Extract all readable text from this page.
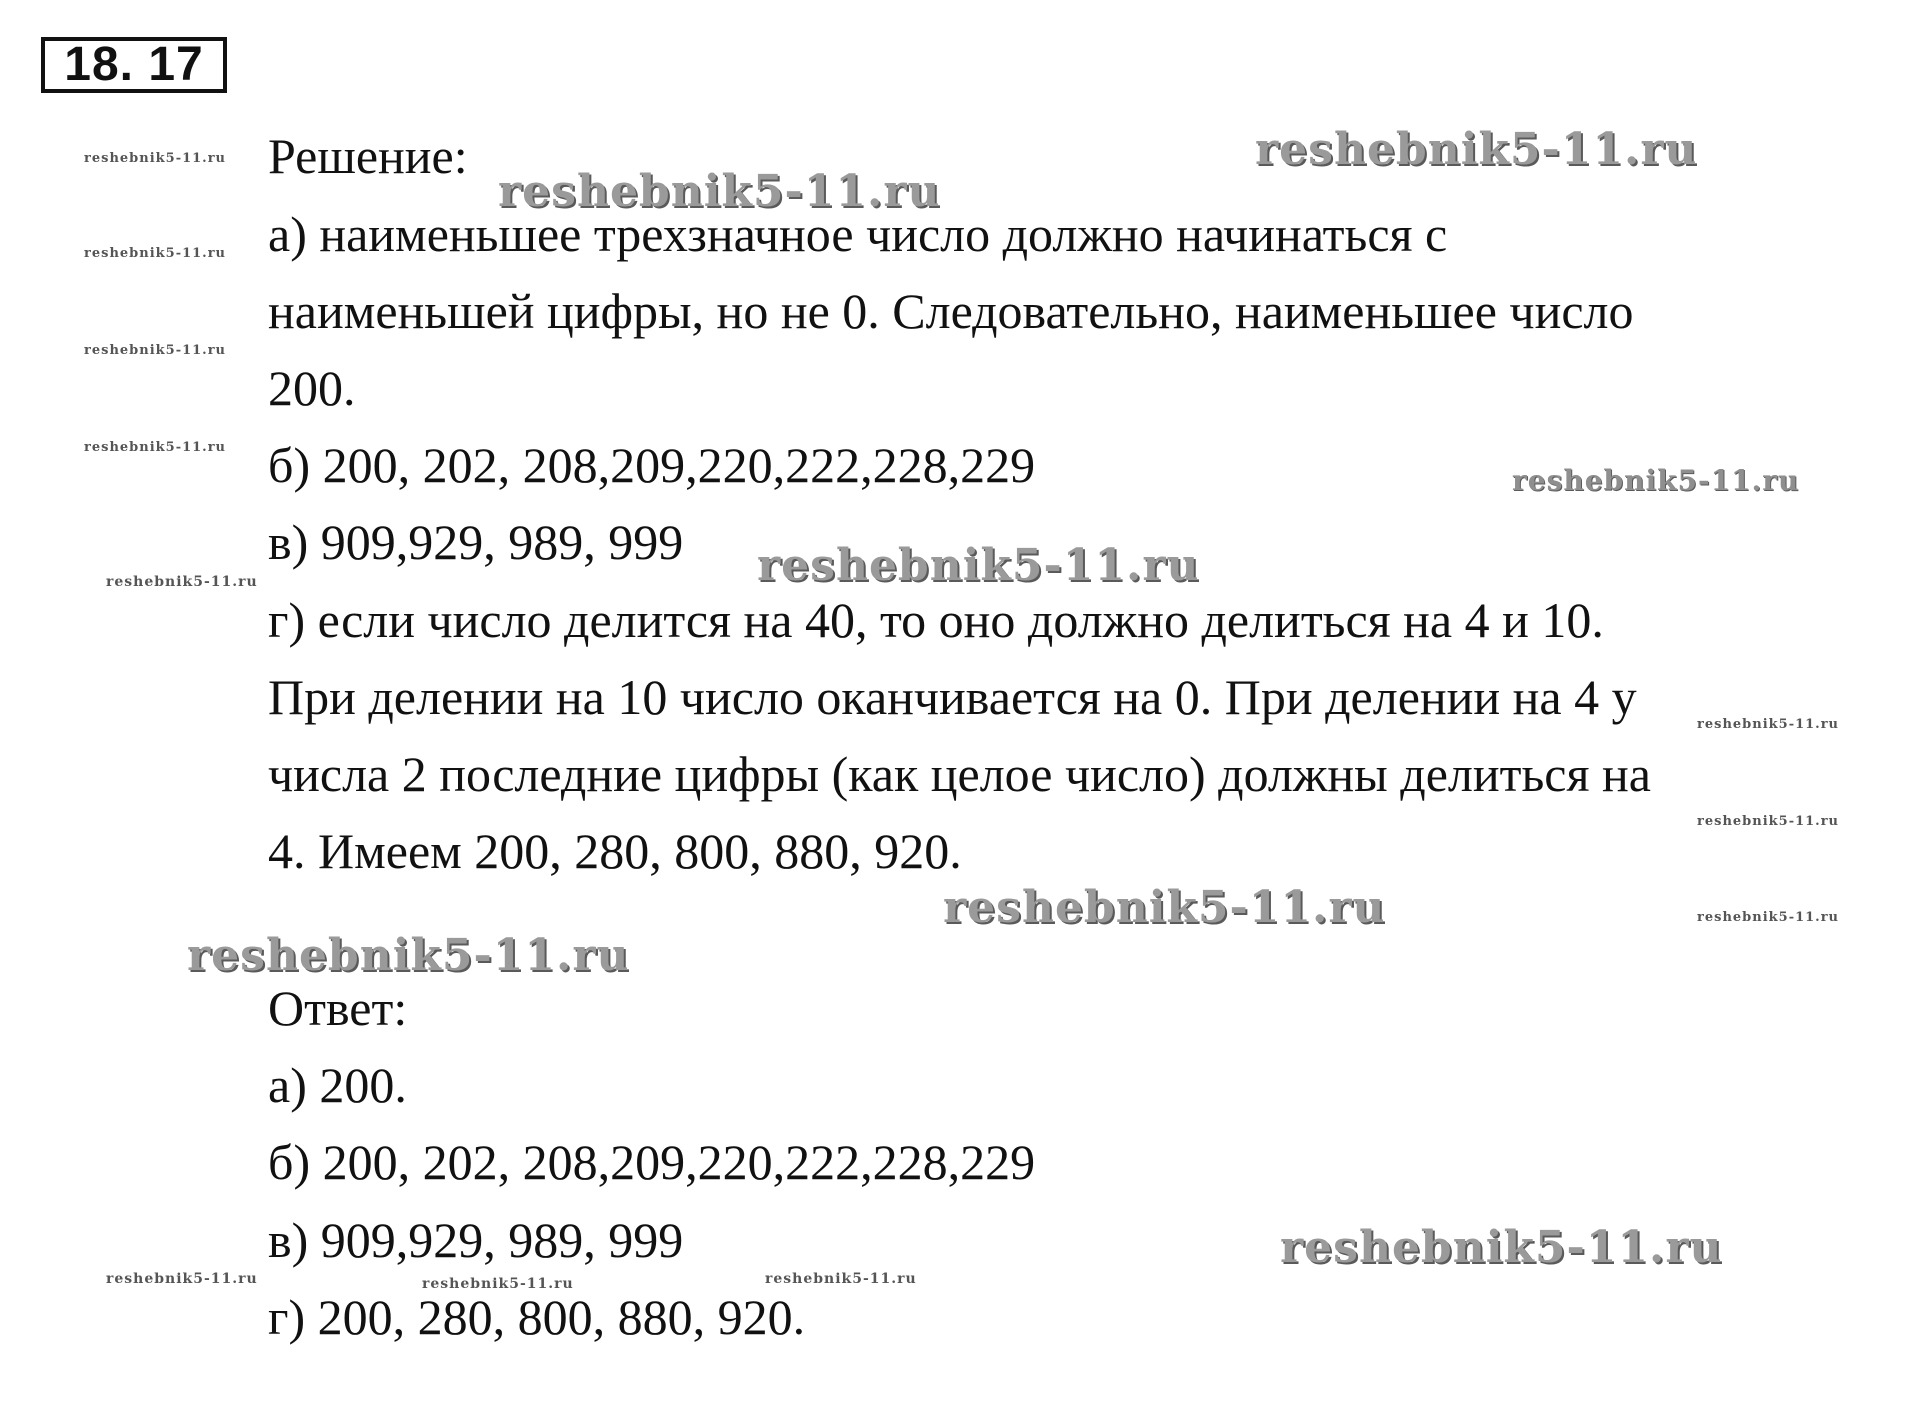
18. 17
Решение:
а) наименьшее трехзначное число должно начинаться с
наименьшей цифры, но не 0. Следовательно, наименьшее число
200.
б) 200, 202, 208,209,220,222,228,229
в) 909,929, 989, 999
г) если число делится на 40, то оно должно делиться на 4 и 10.
При делении на 10 число оканчивается на 0. При делении на 4 у
числа 2 последние цифры (как целое число) должны делиться на
4. Имеем 200, 280, 800, 880, 920.
Ответ:
а) 200.
б) 200, 202, 208,209,220,222,228,229
в) 909,929, 989, 999
г) 200, 280, 800, 880, 920.
reshebnik5-11.ru
reshebnik5-11.ru
reshebnik5-11.ru
reshebnik5-11.ru
reshebnik5-11.ru
reshebnik5-11.ru
reshebnik5-11.ru
reshebnik5-11.ru
reshebnik5-11.ru
reshebnik5-11.ru
reshebnik5-11.ru
reshebnik5-11.ru
reshebnik5-11.ru
reshebnik5-11.ru
reshebnik5-11.ru
reshebnik5-11.ru	reshebnik5-11.ru	reshebnik5-11.ru
